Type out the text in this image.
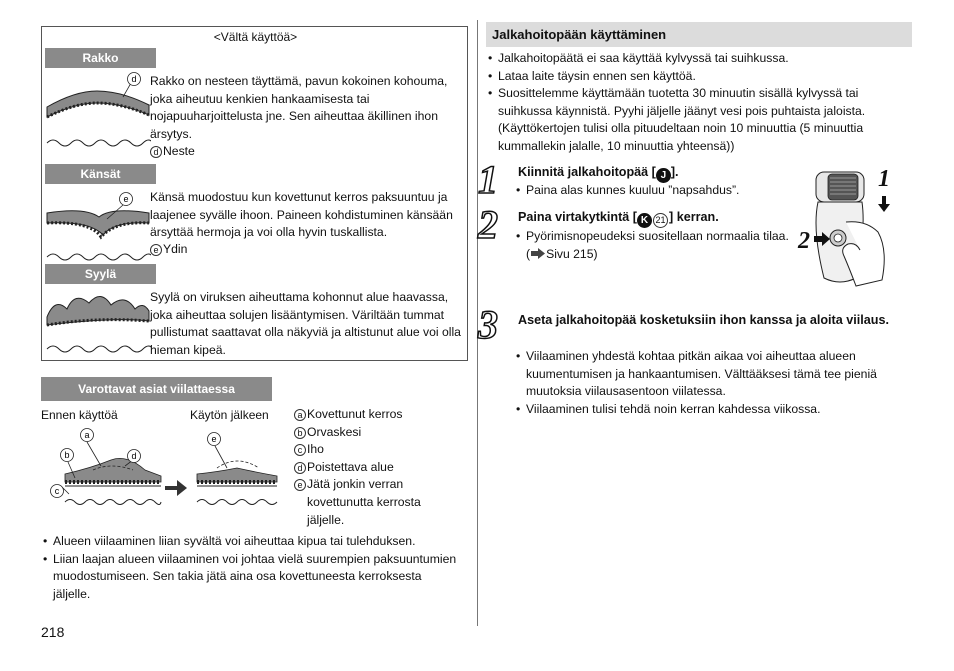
<Vältä käyttöä>
Rakko
d Rakko on nesteen täyttämä, pavun kokoinen kohouma, joka aiheutuu kenkien hankaamisesta tai nojapuuharjoittelusta jne. Sen aiheuttaa äkillinen ihon ärsytys.
d Neste
Känsät
e Känsä muodostuu kun kovettunut kerros paksuuntuu ja laajenee syvälle ihoon. Paineen kohdistuminen känsään ärsyttää hermoja ja voi olla hyvin tuskallista.
e Ydin
Syylä
Syylä on viruksen aiheuttama kohonnut alue haavassa, joka aiheuttaa solujen lisääntymisen. Väriltään tummat pullistumat saattavat olla näkyviä ja altistunut alue voi olla hieman kipeä.
Varottavat asiat viilattaessa
Ennen käyttöä	Käytön jälkeen
a
b	d
c
e
a Kovettunut kerros
b Orvaskesi
c Iho
d Poistettava alue
e Jätä jonkin verran kovettunutta kerrosta jäljelle.
• Alueen viilaaminen liian syvältä voi aiheuttaa kipua tai tulehduksen.
• Liian laajan alueen viilaaminen voi johtaa vielä suurempien paksuuntumien muodostumiseen. Sen takia jätä aina osa kovettuneesta kerroksesta jäljelle.
218
Jalkahoitopään käyttäminen
• Jalkahoitopäätä ei saa käyttää kylvyssä tai suihkussa.
• Lataa laite täysin ennen sen käyttöä.
• Suosittelemme käyttämään tuotetta 30 minuutin sisällä kylvyssä tai suihkussa käynnistä. Pyyhi jäljelle jäänyt vesi pois puhtaista jaloista. (Käyttökertojen tulisi olla pituudeltaan noin 10 minuuttia (5 minuuttia kummallekin jalalle, 10 minuuttia yhteensä))
1 Kiinnitä jalkahoitopää [ J ].
• Paina alas kunnes kuuluu ”napsahdus”.
2 Paina virtakytkintä [ K 21 ] kerran.
• Pyörimisnopeudeksi suositellaan normaalia tilaa. ( Sivu 215)
1
2
3 Aseta jalkahoitopää kosketuksiin ihon kanssa ja aloita viilaus.
• Viilaaminen yhdestä kohtaa pitkän aikaa voi aiheuttaa alueen kuumentumisen ja hankaantumisen. Välttääksesi tämä tee pieniä muutoksia viilausasentoon viilatessa.
• Viilaaminen tulisi tehdä noin kerran kahdessa viikossa.
